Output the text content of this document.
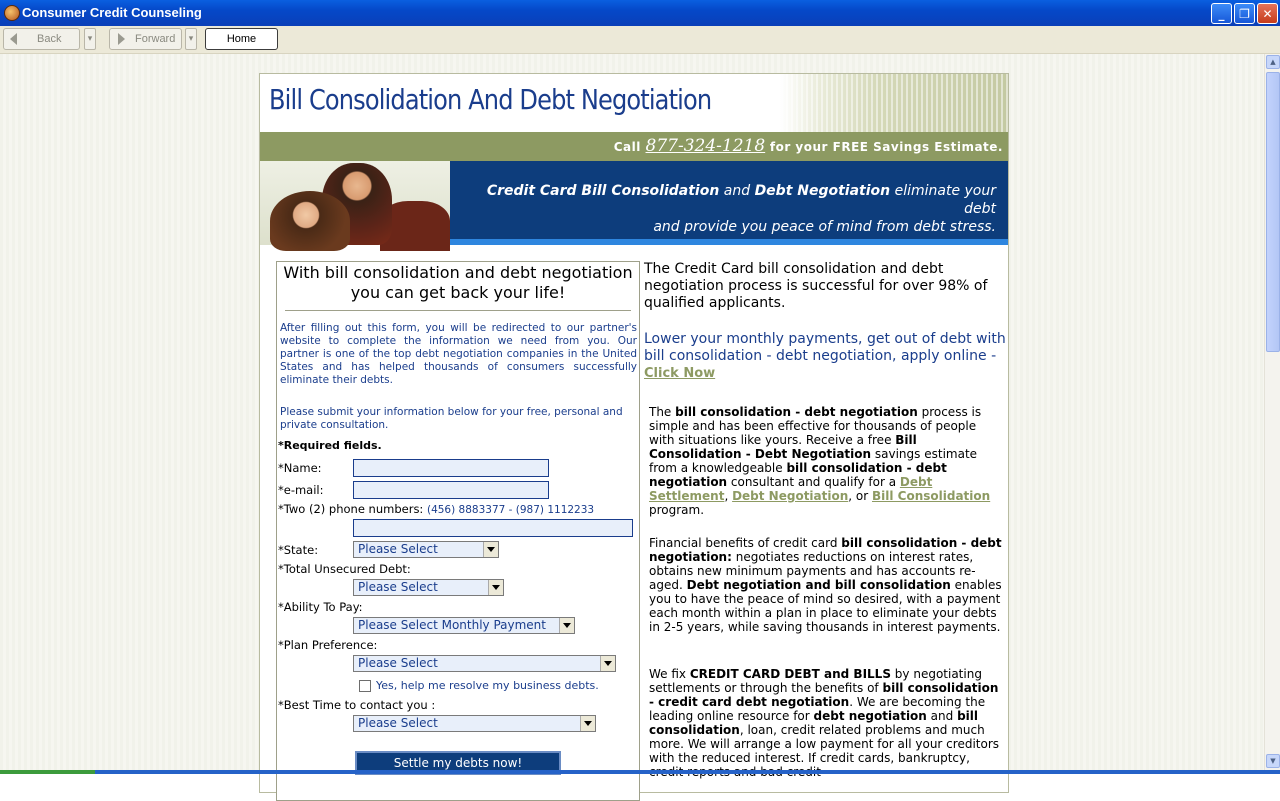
Consumer Credit Counseling	_	❐	✕
Back	▾	Forward	▾	Home
Bill Consolidation And Debt Negotiation
Call 877-324-1218 for your FREE Savings Estimate.
Credit Card Bill Consolidation and Debt Negotiation eliminate your debt
and provide you peace of mind from debt stress.
With bill consolidation and debt negotiation you can get back your life!
After filling out this form, you will be redirected to our partner's website to complete the information we need from you. Our partner is one of the top debt negotiation companies in the United States and has helped thousands of consumers successfully eliminate their debts.
Please submit your information below for your free, personal and private consultation.
*Required fields.
*Name:
*e-mail:
*Two (2) phone numbers: (456) 8883377 - (987) 1112233
*State:	Please Select
*Total Unsecured Debt:
Please Select
*Ability To Pay:
Please Select Monthly Payment
*Plan Preference:
Please Select
Yes, help me resolve my business debts.
*Best Time to contact you :
Please Select
Settle my debts now!
The Credit Card bill consolidation and debt negotiation process is successful for over 98% of qualified applicants.
Lower your monthly payments, get out of debt with bill consolidation - debt negotiation, apply online - Click Now
The bill consolidation - debt negotiation process is simple and has been effective for thousands of people with situations like yours. Receive a free Bill Consolidation - Debt Negotiation savings estimate from a knowledgeable bill consolidation - debt negotiation consultant and qualify for a Debt Settlement, Debt Negotiation, or Bill Consolidation program.
Financial benefits of credit card bill consolidation - debt negotiation: negotiates reductions on interest rates, obtains new minimum payments and has accounts re-aged. Debt negotiation and bill consolidation enables you to have the peace of mind so desired, with a payment each month within a plan in place to eliminate your debts in 2-5 years, while saving thousands in interest payments.
We fix CREDIT CARD DEBT and BILLS by negotiating settlements or through the benefits of bill consolidation - credit card debt negotiation. We are becoming the leading online resource for debt negotiation and bill consolidation, loan, credit related problems and much more. We will arrange a low payment for all your creditors with the reduced interest. If credit cards, bankruptcy,
▲
▼
